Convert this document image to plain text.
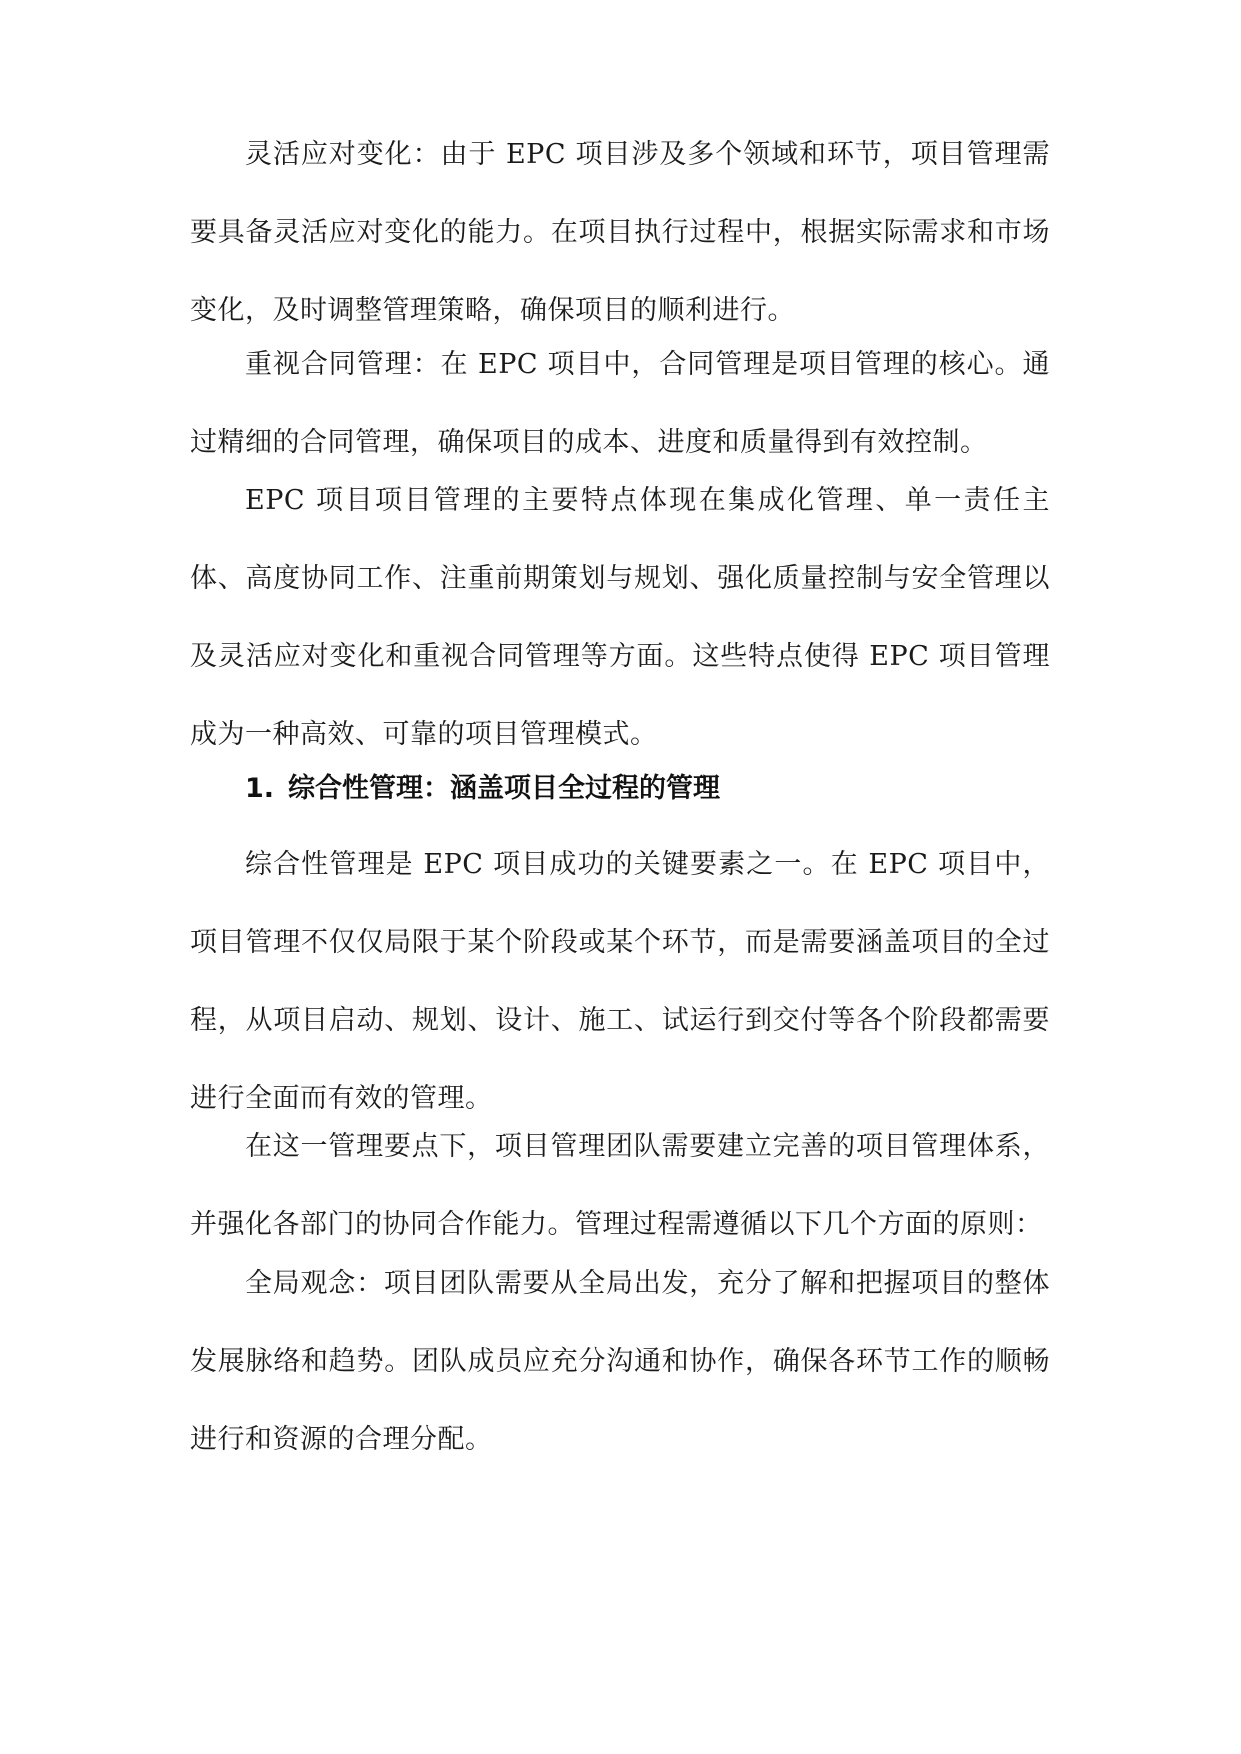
灵活应对变化：由于 EPC 项目涉及多个领域和环节，项目管理需要具备灵活应对变化的能力。在项目执行过程中，根据实际需求和市场变化，及时调整管理策略，确保项目的顺利进行。

重视合同管理：在 EPC 项目中，合同管理是项目管理的核心。通过精细的合同管理，确保项目的成本、进度和质量得到有效控制。

EPC 项目项目管理的主要特点体现在集成化管理、单一责任主体、高度协同工作、注重前期策划与规划、强化质量控制与安全管理以及灵活应对变化和重视合同管理等方面。这些特点使得 EPC 项目管理成为一种高效、可靠的项目管理模式。

1. 综合性管理：涵盖项目全过程的管理

综合性管理是 EPC 项目成功的关键要素之一。在 EPC 项目中，项目管理不仅仅局限于某个阶段或某个环节，而是需要涵盖项目的全过程，从项目启动、规划、设计、施工、试运行到交付等各个阶段都需要进行全面而有效的管理。

在这一管理要点下，项目管理团队需要建立完善的项目管理体系，并强化各部门的协同合作能力。管理过程需遵循以下几个方面的原则：

全局观念：项目团队需要从全局出发，充分了解和把握项目的整体发展脉络和趋势。团队成员应充分沟通和协作，确保各环节工作的顺畅进行和资源的合理分配。
